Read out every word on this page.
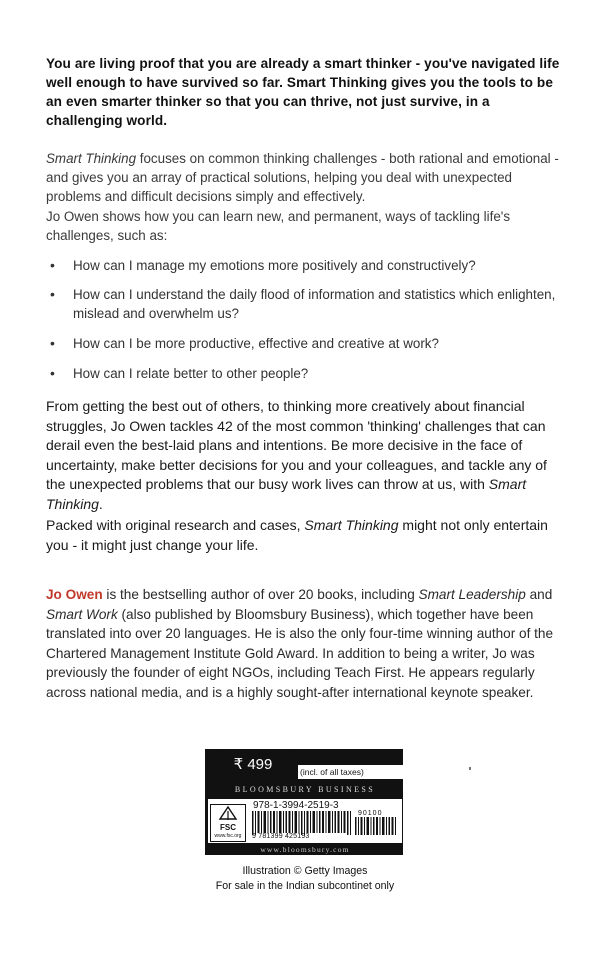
You are living proof that you are already a smart thinker - you've navigated life well enough to have survived so far. Smart Thinking gives you the tools to be an even smarter thinker so that you can thrive, not just survive, in a challenging world.
Smart Thinking focuses on common thinking challenges - both rational and emotional - and gives you an array of practical solutions, helping you deal with unexpected problems and difficult decisions simply and effectively.
Jo Owen shows how you can learn new, and permanent, ways of tackling life's challenges, such as:
• How can I manage my emotions more positively and constructively?
• How can I understand the daily flood of information and statistics which enlighten, mislead and overwhelm us?
• How can I be more productive, effective and creative at work?
• How can I relate better to other people?
From getting the best out of others, to thinking more creatively about financial struggles, Jo Owen tackles 42 of the most common 'thinking' challenges that can derail even the best-laid plans and intentions. Be more decisive in the face of uncertainty, make better decisions for you and your colleagues, and tackle any of the unexpected problems that our busy work lives can throw at us, with Smart Thinking.
Packed with original research and cases, Smart Thinking might not only entertain you - it might just change your life.
Jo Owen is the bestselling author of over 20 books, including Smart Leadership and Smart Work (also published by Bloomsbury Business), which together have been translated into over 20 languages. He is also the only four-time winning author of the Chartered Management Institute Gold Award. In addition to being a writer, Jo was previously the founder of eight NGOs, including Teach First. He appears regularly across national media, and is a highly sought-after international keynote speaker.
₹ 499	(incl. of all taxes)
BLOOMSBURY BUSINESS
FSC
www.fsc.org
978-1-3994-2519-3
90100
9 781399 425193
www.bloomsbury.com
Illustration © Getty Images
For sale in the Indian subcontinet only
